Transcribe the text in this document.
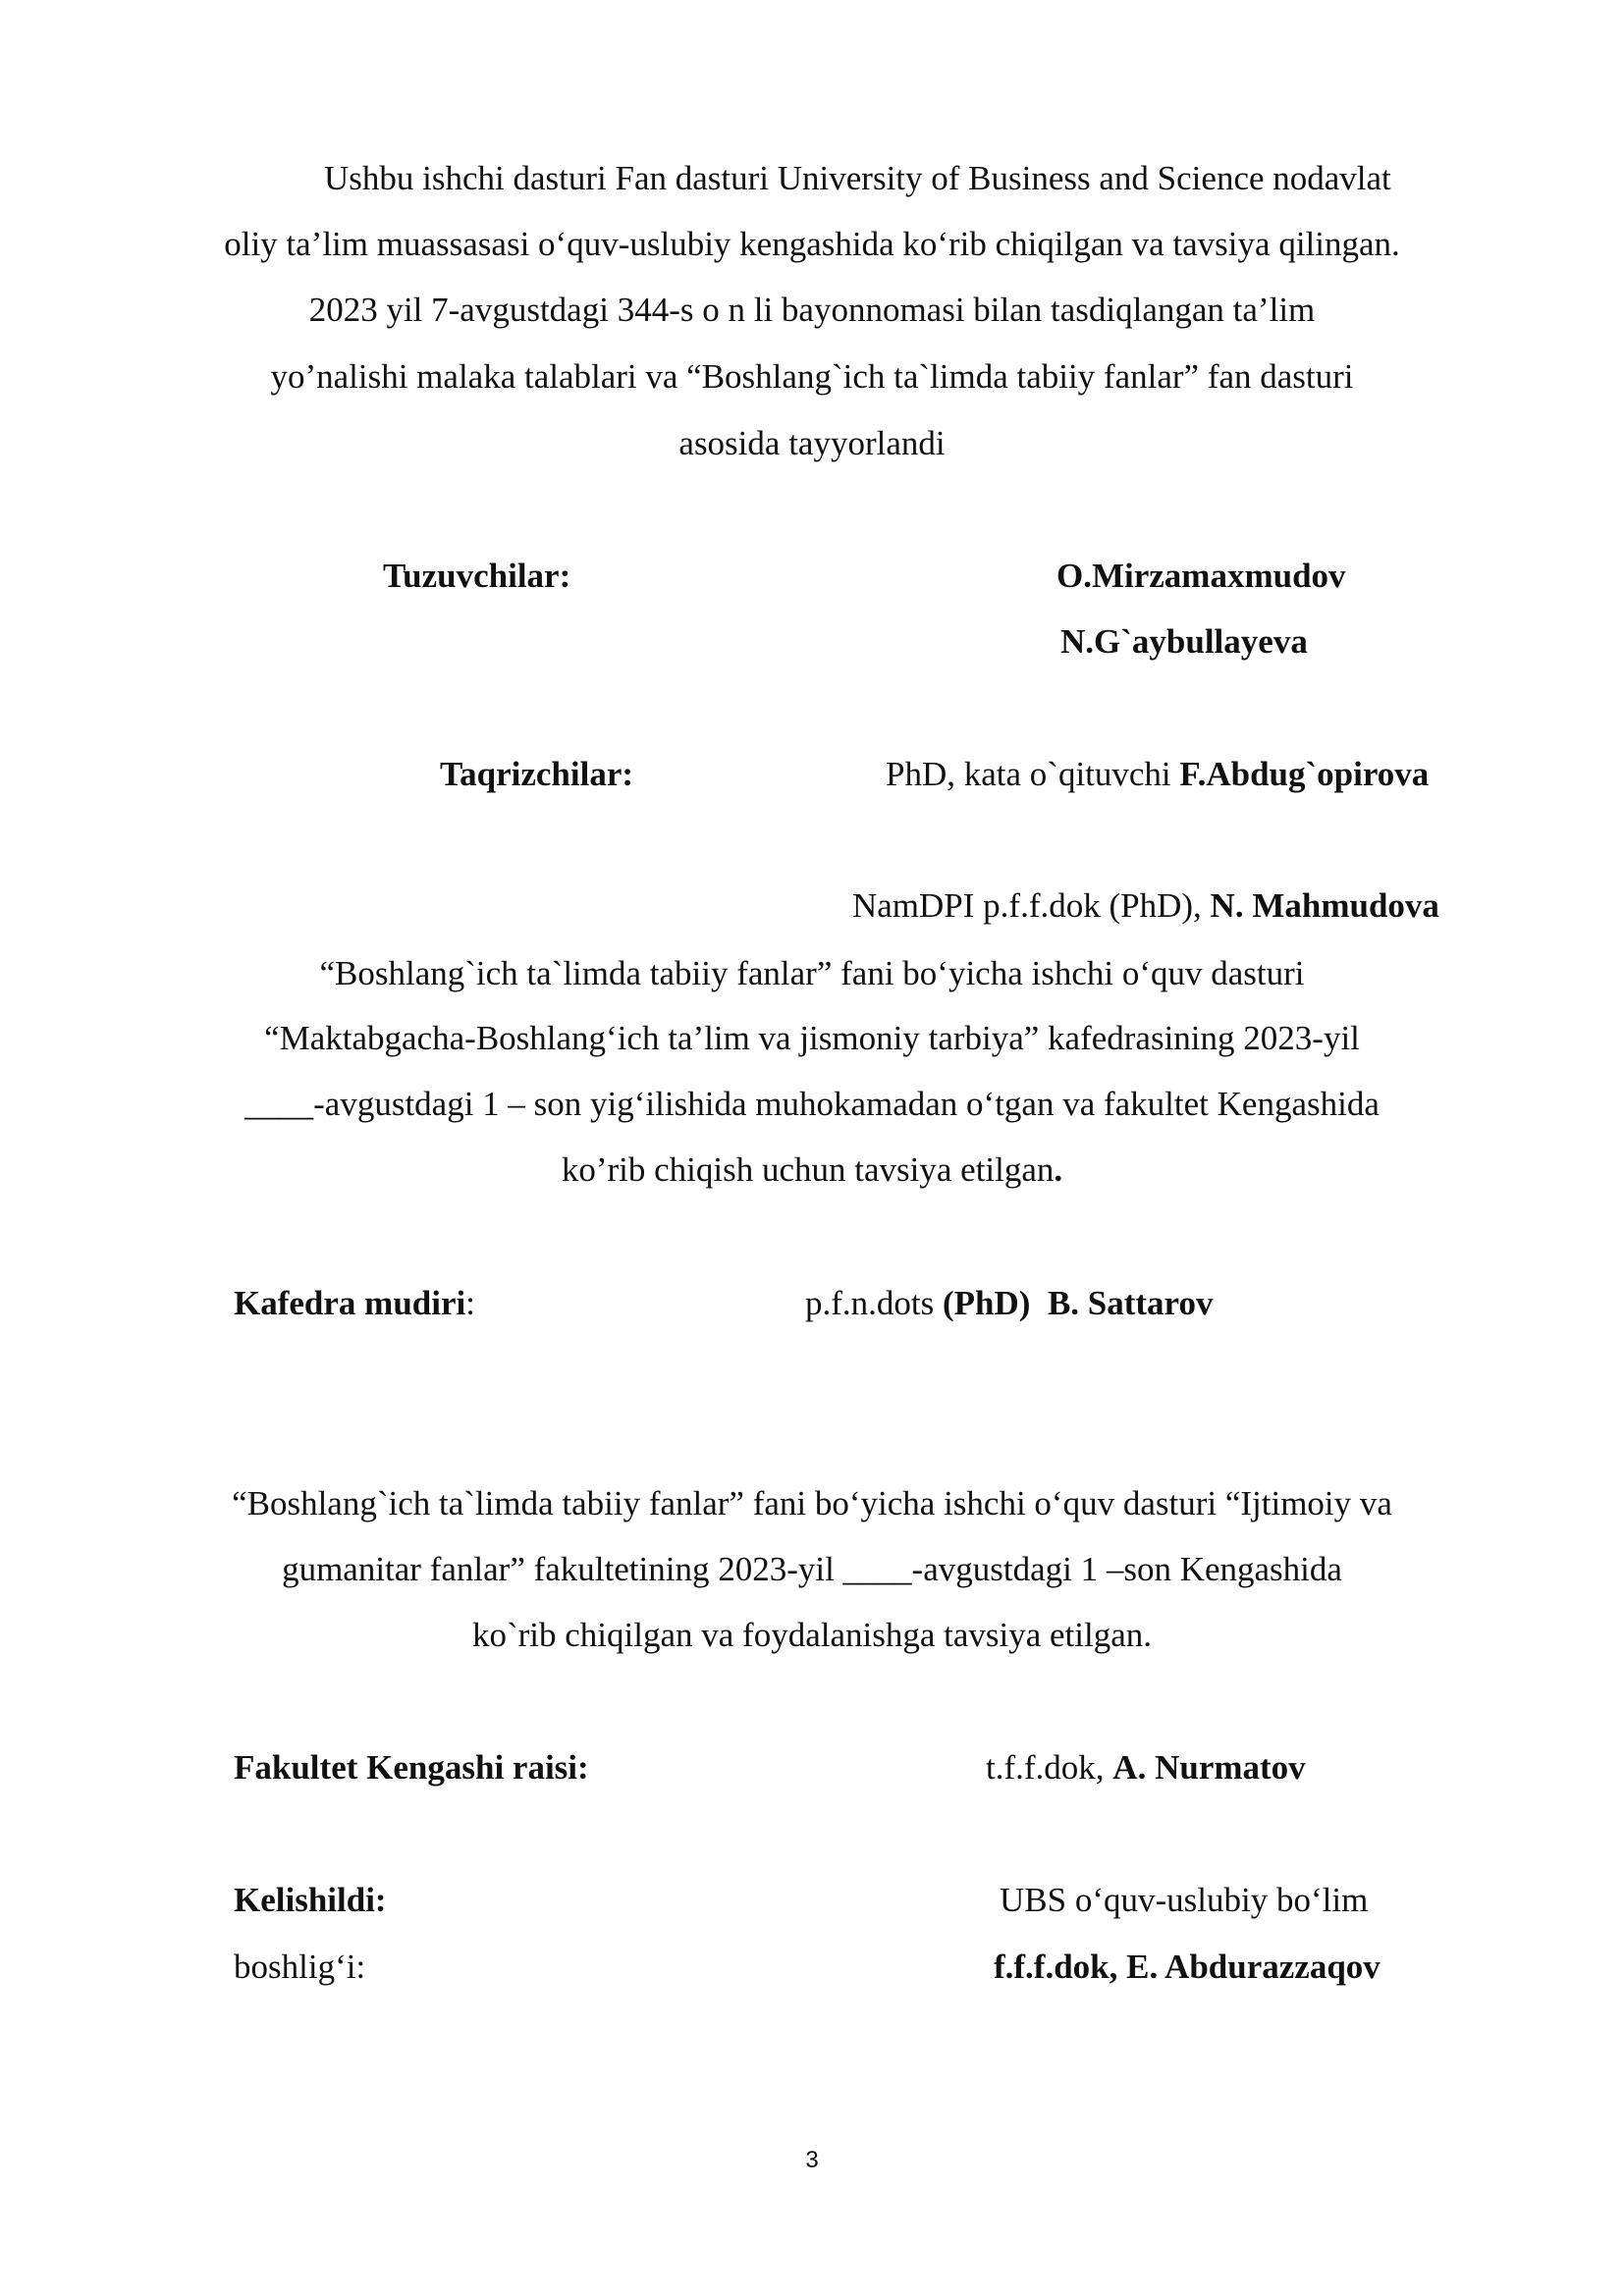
Ushbu ishchi dasturi Fan dasturi University of Business and Science nodavlat
oliy ta’lim muassasasi o‘quv-uslubiy kengashida ko‘rib chiqilgan va tavsiya qilingan.
2023 yil 7-avgustdagi 344-s o n li bayonnomasi bilan tasdiqlangan ta’lim
yo’nalishi malaka talablari va “Boshlang`ich ta`limda tabiiy fanlar” fan dasturi
asosida tayyorlandi
Tuzuvchilar:	O.Mirzamaxmudov
N.G`aybullayeva
Taqrizchilar:	PhD, kata o`qituvchi F.Abdug`opirova
NamDPI p.f.f.dok (PhD), N. Mahmudova
“Boshlang`ich ta`limda tabiiy fanlar” fani bo‘yicha ishchi o‘quv dasturi
“Maktabgacha-Boshlang‘ich ta’lim va jismoniy tarbiya” kafedrasining 2023-yil
____-avgustdagi 1 – son yig‘ilishida muhokamadan o‘tgan va fakultet Kengashida
ko’rib chiqish uchun tavsiya etilgan.
Kafedra mudiri:	p.f.n.dots (PhD) B. Sattarov
“Boshlang`ich ta`limda tabiiy fanlar” fani bo‘yicha ishchi o‘quv dasturi “Ijtimoiy va
gumanitar fanlar” fakultetining 2023-yil ____-avgustdagi 1 –son Kengashida
ko`rib chiqilgan va foydalanishga tavsiya etilgan.
Fakultet Kengashi raisi:	t.f.f.dok, A. Nurmatov
Kelishildi:	UBS o‘quv-uslubiy bo‘lim
boshlig‘i:	f.f.f.dok, E. Abdurazzaqov
3
